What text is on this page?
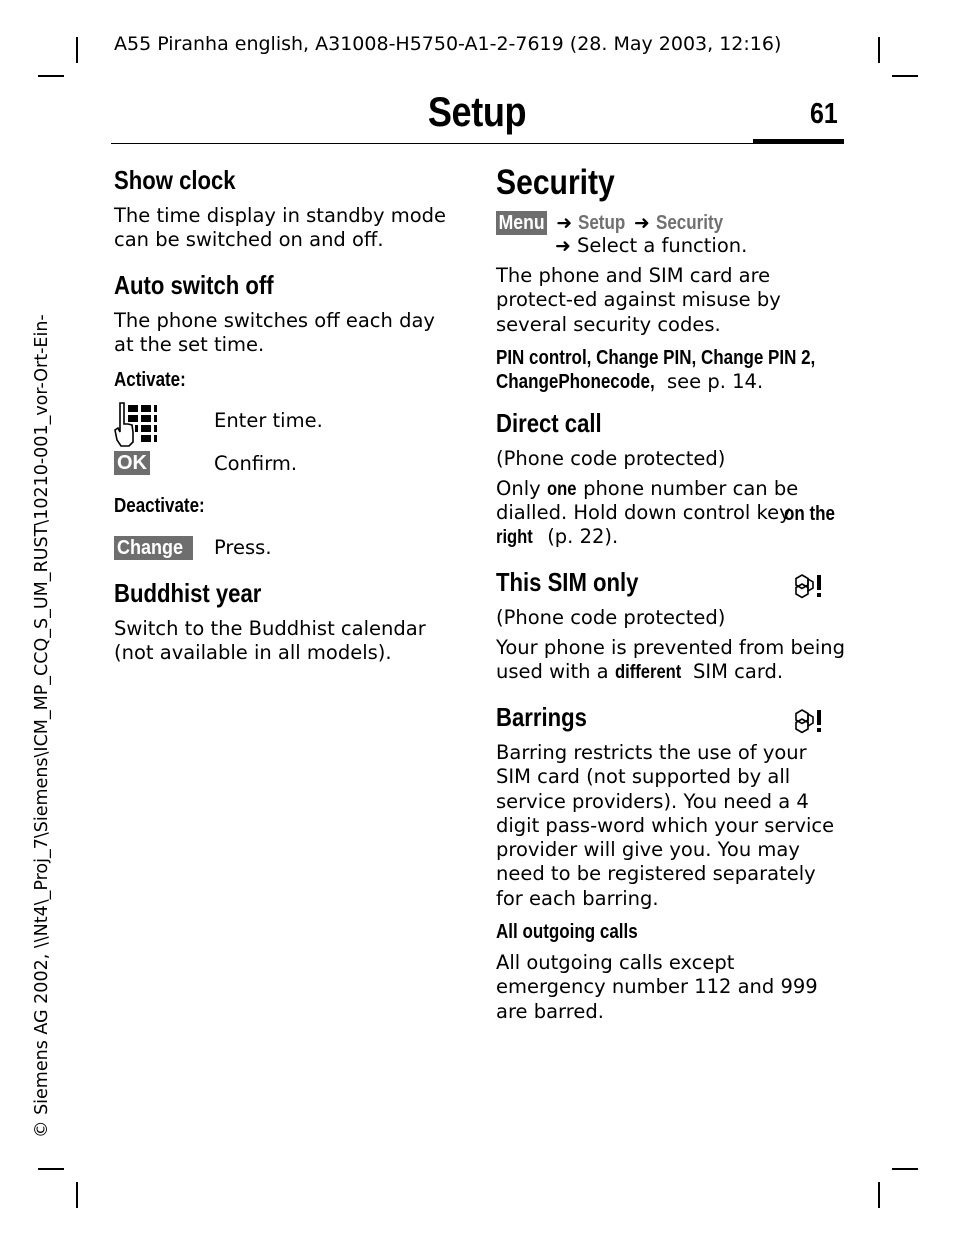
A55 Piranha english, A31008-H5750-A1-2-7619 (28. May 2003, 12:16)
Setup	61
© Siemens AG 2002, \\Nt4\_Proj_7\Siemens\ICM_MP_CCQ_S_UM_RUST\10210-001_vor-Ort-Ein-
Show clock
The time display in standby mode can be switched on and off.
Auto switch off
The phone switches off each day at the set time.
Activate:
Enter time.
OK	Confirm.
Deactivate:
Change	Press.
Buddhist year
Switch to the Buddhist calendar (not available in all models).
Security
Menu ➜ Setup ➜ Security
➜ Select a function.
The phone and SIM card are protect-ed against misuse by several security codes.
PIN control, Change PIN, Change PIN 2, ChangePhonecode, see p. 14.
Direct call
(Phone code protected)
Only one phone number can be dialled. Hold down control key
on the
right (p. 22).
This SIM only
(Phone code protected)
Your phone is prevented from being used with a different SIM card.
Barrings
Barring restricts the use of your SIM card (not supported by all service providers). You need a 4 digit pass-word which your service provider will give you. You may need to be registered separately for each barring.
All outgoing calls
All outgoing calls except emergency number 112 and 999 are barred.
